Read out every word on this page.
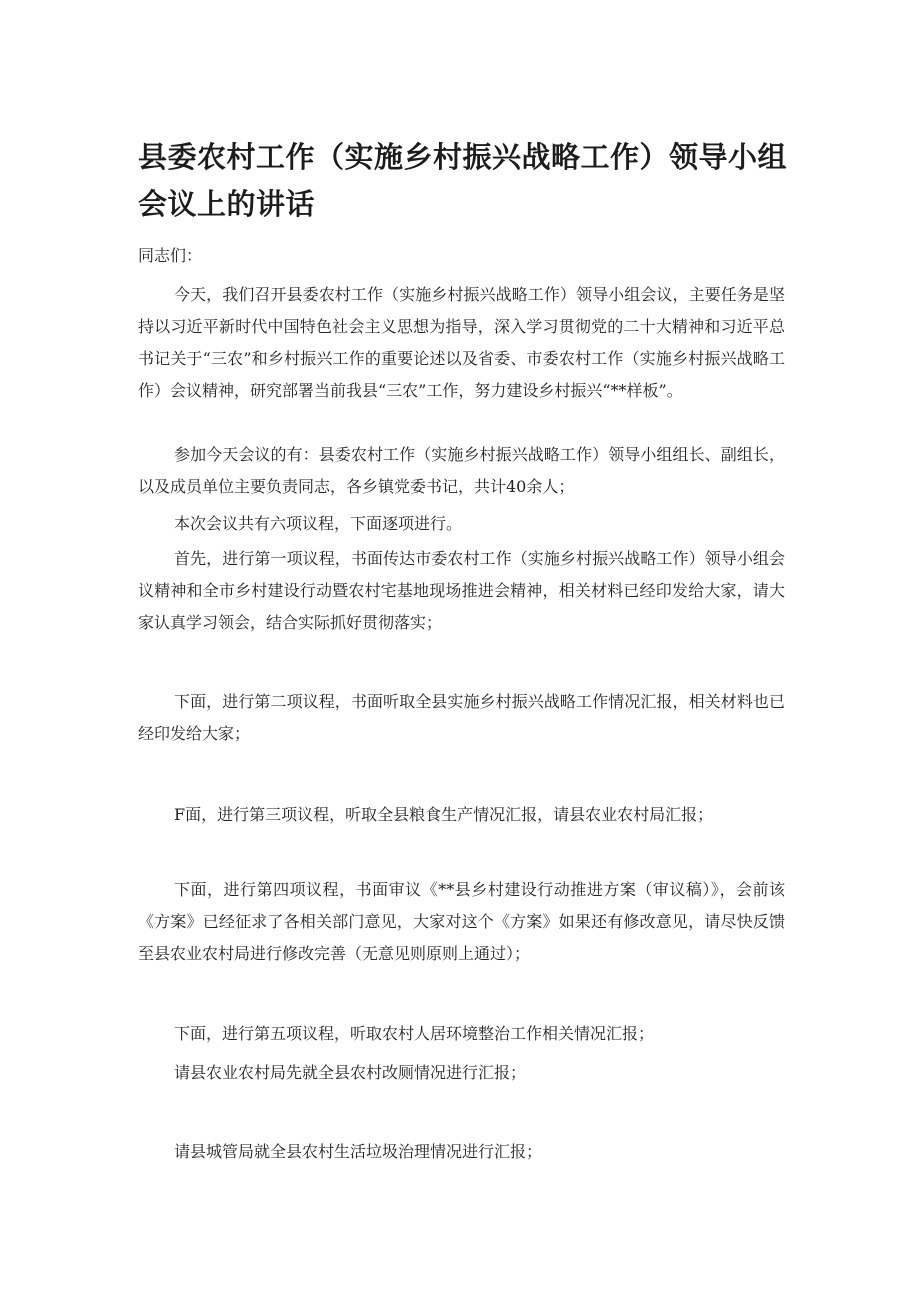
县委农村工作（实施乡村振兴战略工作）领导小组会议上的讲话

同志们：

今天，我们召开县委农村工作（实施乡村振兴战略工作）领导小组会议，主要任务是坚持以习近平新时代中国特色社会主义思想为指导，深入学习贯彻党的二十大精神和习近平总书记关于“三农”和乡村振兴工作的重要论述以及省委、市委农村工作（实施乡村振兴战略工作）会议精神，研究部署当前我县“三农”工作，努力建设乡村振兴“**样板”。

参加今天会议的有：县委农村工作（实施乡村振兴战略工作）领导小组组长、副组长，以及成员单位主要负责同志，各乡镇党委书记，共计40余人；

本次会议共有六项议程，下面逐项进行。

首先，进行第一项议程，书面传达市委农村工作（实施乡村振兴战略工作）领导小组会议精神和全市乡村建设行动暨农村宅基地现场推进会精神，相关材料已经印发给大家，请大家认真学习领会，结合实际抓好贯彻落实；

下面，进行第二项议程，书面听取全县实施乡村振兴战略工作情况汇报，相关材料也已经印发给大家；

F面，进行第三项议程，听取全县粮食生产情况汇报，请县农业农村局汇报；

下面，进行第四项议程，书面审议《**县乡村建设行动推进方案（审议稿）》，会前该《方案》已经征求了各相关部门意见，大家对这个《方案》如果还有修改意见，请尽快反馈至县农业农村局进行修改完善（无意见则原则上通过）；

下面，进行第五项议程，听取农村人居环境整治工作相关情况汇报；

请县农业农村局先就全县农村改厕情况进行汇报；

请县城管局就全县农村生活垃圾治理情况进行汇报；
